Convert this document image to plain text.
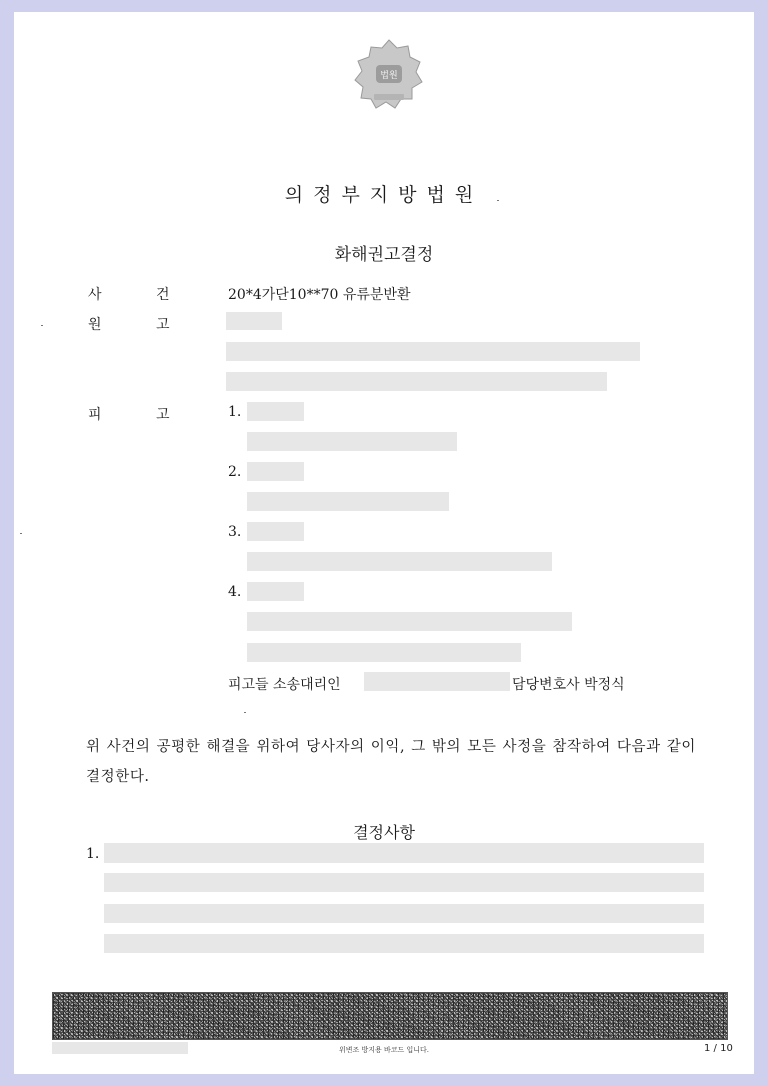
법원
의정부지방법원
화해권고결정
사	건	20*4가단10**70 유류분반환
원	고
피	고	1.
2.
3.
4.
피고들 소송대리인	담당변호사 박정식
위 사건의 공평한 해결을 위하여 당사자의 이익, 그 밖의 모든 사정을 참작하여 다음과 같이 결정한다.
결정사항
1.
위변조 방지용 바코드 입니다.	1 / 10
